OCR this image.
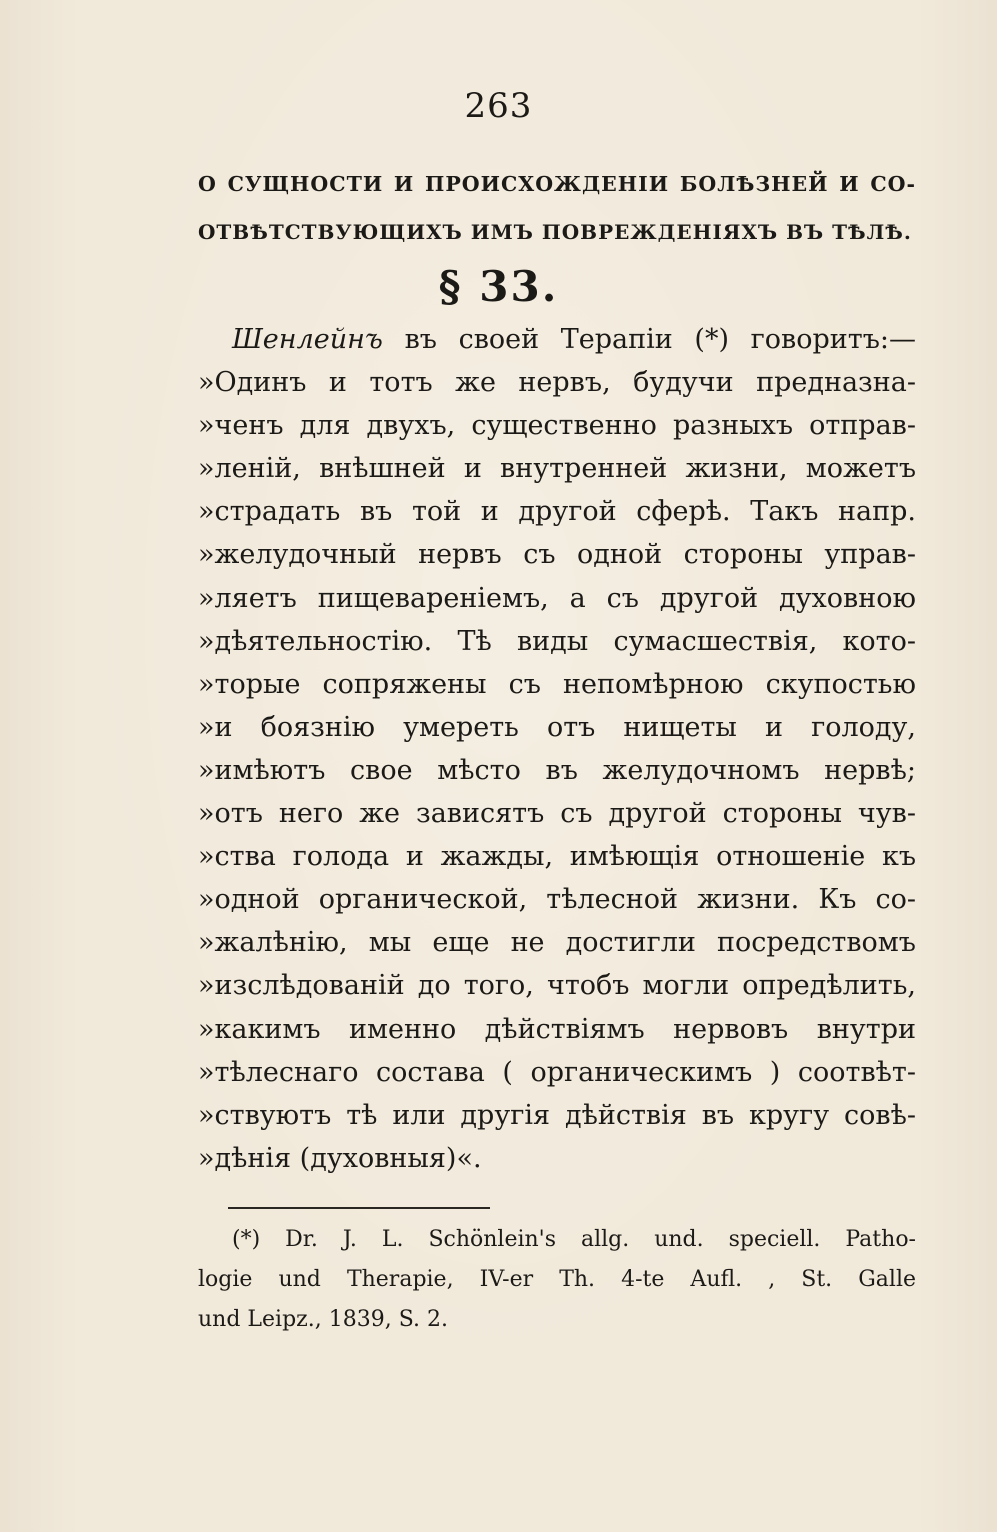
263
О СУЩНОСТИ И ПРОИСХОЖДЕНІИ БОЛѢЗНЕЙ И СО-
ОТВѢТСТВУЮЩИХЪ ИМЪ ПОВРЕЖДЕНІЯХЪ ВЪ ТѢЛѢ.
§ 33.
Шенлейнъ въ своей Терапіи (*) говоритъ:—
»Одинъ и тотъ же нервъ, будучи предназна-
»ченъ для двухъ, существенно разныхъ отправ-
»леній, внѣшней и внутренней жизни, можетъ
»страдать въ той и другой сферѣ. Такъ напр.
»желудочный нервъ съ одной стороны управ-
»ляетъ пищевареніемъ, а съ другой духовною
»дѣятельностію. Тѣ виды сумасшествія, кото-
»торые сопряжены съ непомѣрною скупостью
»и боязнію умереть отъ нищеты и голоду,
»имѣютъ свое мѣсто въ желудочномъ нервѣ;
»отъ него же зависятъ съ другой стороны чув-
»ства голода и жажды, имѣющія отношеніе къ
»одной органической, тѣлесной жизни. Къ со-
»жалѣнію, мы еще не достигли посредствомъ
»изслѣдованій до того, чтобъ могли опредѣлить,
»какимъ именно дѣйствіямъ нервовъ внутри
»тѣлеснаго состава ( органическимъ ) соотвѣт-
»ствуютъ тѣ или другія дѣйствія въ кругу совѣ-
»дѣнія (духовныя)«.
(*) Dr. J. L. Schönlein's allg. und. speciell. Patho-
logie und Therapie, IV-er Th. 4-te Aufl. , St. Galle
und Leipz., 1839, S. 2.
